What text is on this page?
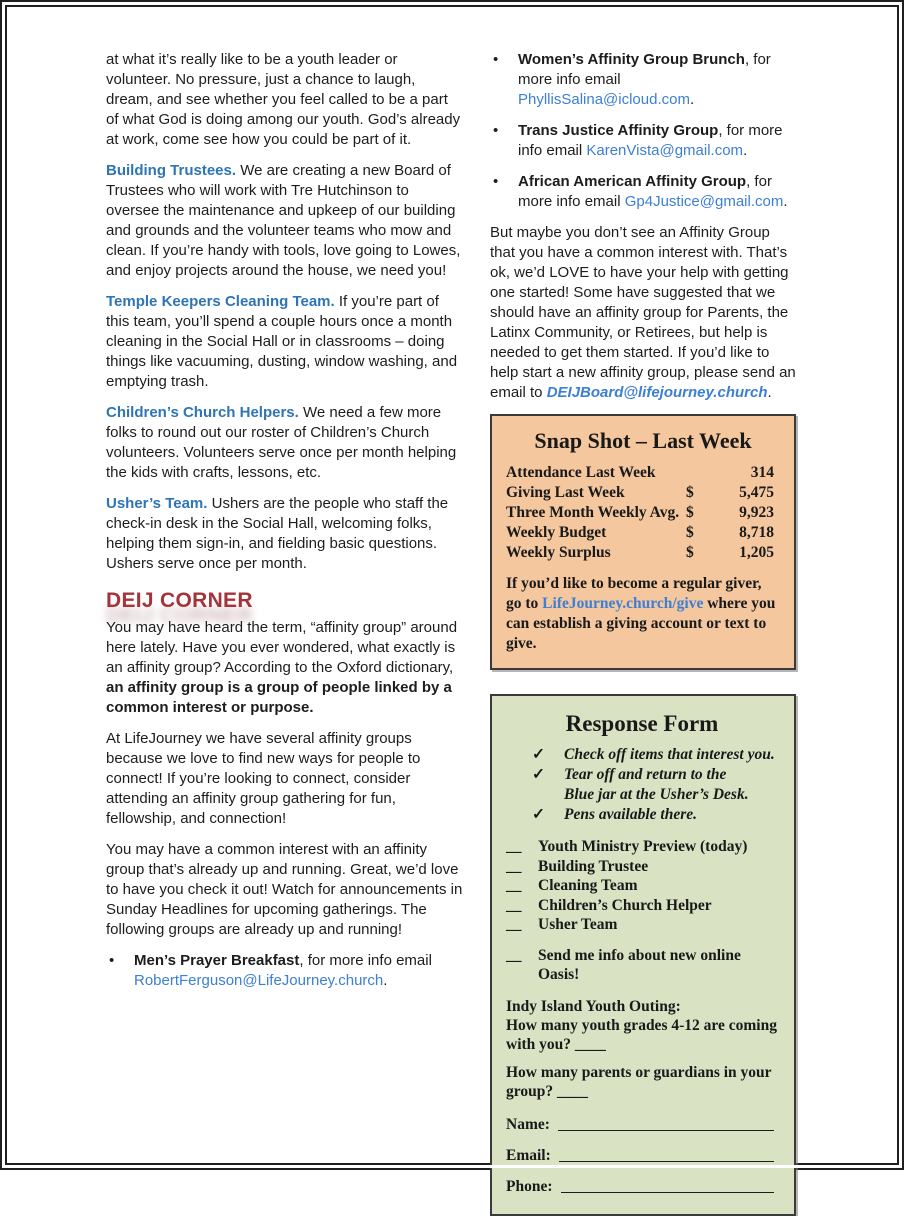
at what it’s really like to be a youth leader or volunteer. No pressure, just a chance to laugh, dream, and see whether you feel called to be a part of what God is doing among our youth. God’s already at work, come see how you could be part of it.

Building Trustees. We are creating a new Board of Trustees who will work with Tre Hutchinson to oversee the maintenance and upkeep of our building and grounds and the volunteer teams who mow and clean. If you’re handy with tools, love going to Lowes, and enjoy projects around the house, we need you!

Temple Keepers Cleaning Team. If you’re part of this team, you’ll spend a couple hours once a month cleaning in the Social Hall or in classrooms – doing things like vacuuming, dusting, window washing, and emptying trash.

Children’s Church Helpers. We need a few more folks to round out our roster of Children’s Church volunteers. Volunteers serve once per month helping the kids with crafts, lessons, etc.

Usher’s Team. Ushers are the people who staff the check-in desk in the Social Hall, welcoming folks, helping them sign-in, and fielding basic questions. Ushers serve once per month.

DEIJ CORNER

You may have heard the term, “affinity group” around here lately. Have you ever wondered, what exactly is an affinity group? According to the Oxford dictionary, an affinity group is a group of people linked by a common interest or purpose.

At LifeJourney we have several affinity groups because we love to find new ways for people to connect! If you’re looking to connect, consider attending an affinity group gathering for fun, fellowship, and connection!

You may have a common interest with an affinity group that’s already up and running. Great, we’d love to have you check it out! Watch for announcements in Sunday Headlines for upcoming gatherings. The following groups are already up and running!

•	Men’s Prayer Breakfast, for more info email RobertFerguson@LifeJourney.church.
•	Women’s Affinity Group Brunch, for more info email PhyllisSalina@icloud.com.
•	Trans Justice Affinity Group, for more info email KarenVista@gmail.com.
•	African American Affinity Group, for more info email Gp4Justice@gmail.com.

But maybe you don’t see an Affinity Group that you have a common interest with. That’s ok, we’d LOVE to have your help with getting one started! Some have suggested that we should have an affinity group for Parents, the Latinx Community, or Retirees, but help is needed to get them started. If you’d like to help start a new affinity group, please send an email to DEIJBoard@lifejourney.church.

Snap Shot – Last Week
Attendance Last Week	314
Giving Last Week	$	5,475
Three Month Weekly Avg. $	9,923
Weekly Budget	$	8,718
Weekly Surplus	$	1,205
If you’d like to become a regular giver, go to LifeJourney.church/give where you can establish a giving account or text to give.
Response Form
✓	Check off items that interest you.
✓	Tear off and return to the
Blue jar at the Usher’s Desk.
✓	Pens available there.
__	Youth Ministry Preview (today)
__	Building Trustee
__	Cleaning Team
__	Children’s Church Helper
__	Usher Team
__	Send me info about new online Oasis!
Indy Island Youth Outing:
How many youth grades 4-12 are coming with you? ____
How many parents or guardians in your group? ____
Name:
Email:
Phone:
